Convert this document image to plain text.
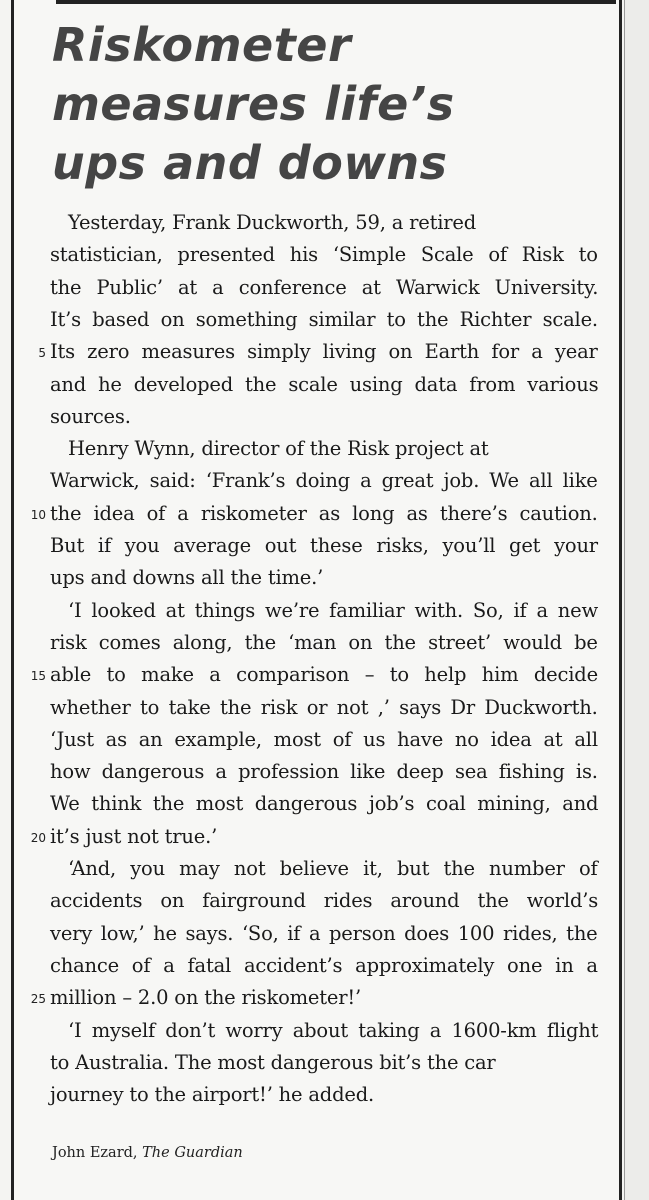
Riskometer
measures life’s
ups and downs
Yesterday, Frank Duckworth, 59, a retired
statistician, presented his ‘Simple Scale of Risk to
the Public’ at a conference at Warwick University.
It’s based on something similar to the Richter scale.
Its zero measures simply living on Earth for a year
5
and he developed the scale using data from various
sources.
Henry Wynn, director of the Risk project at
Warwick, said: ‘Frank’s doing a great job. We all like
the idea of a riskometer as long as there’s caution.
10
But if you average out these risks, you’ll get your
ups and downs all the time.’
‘I looked at things we’re familiar with. So, if a new
risk comes along, the ‘man on the street’ would be
able to make a comparison – to help him decide
15
whether to take the risk or not ,’ says Dr Duckworth.
‘Just as an example, most of us have no idea at all
how dangerous a profession like deep sea fishing is.
We think the most dangerous job’s coal mining, and
it’s just not true.’
20
‘And, you may not believe it, but the number of
accidents on fairground rides around the world’s
very low,’ he says. ‘So, if a person does 100 rides, the
chance of a fatal accident’s approximately one in a
million – 2.0 on the riskometer!’
25
‘I myself don’t worry about taking a 1600-km flight
to Australia. The most dangerous bit’s the car
journey to the airport!’ he added.

John Ezard, The Guardian
